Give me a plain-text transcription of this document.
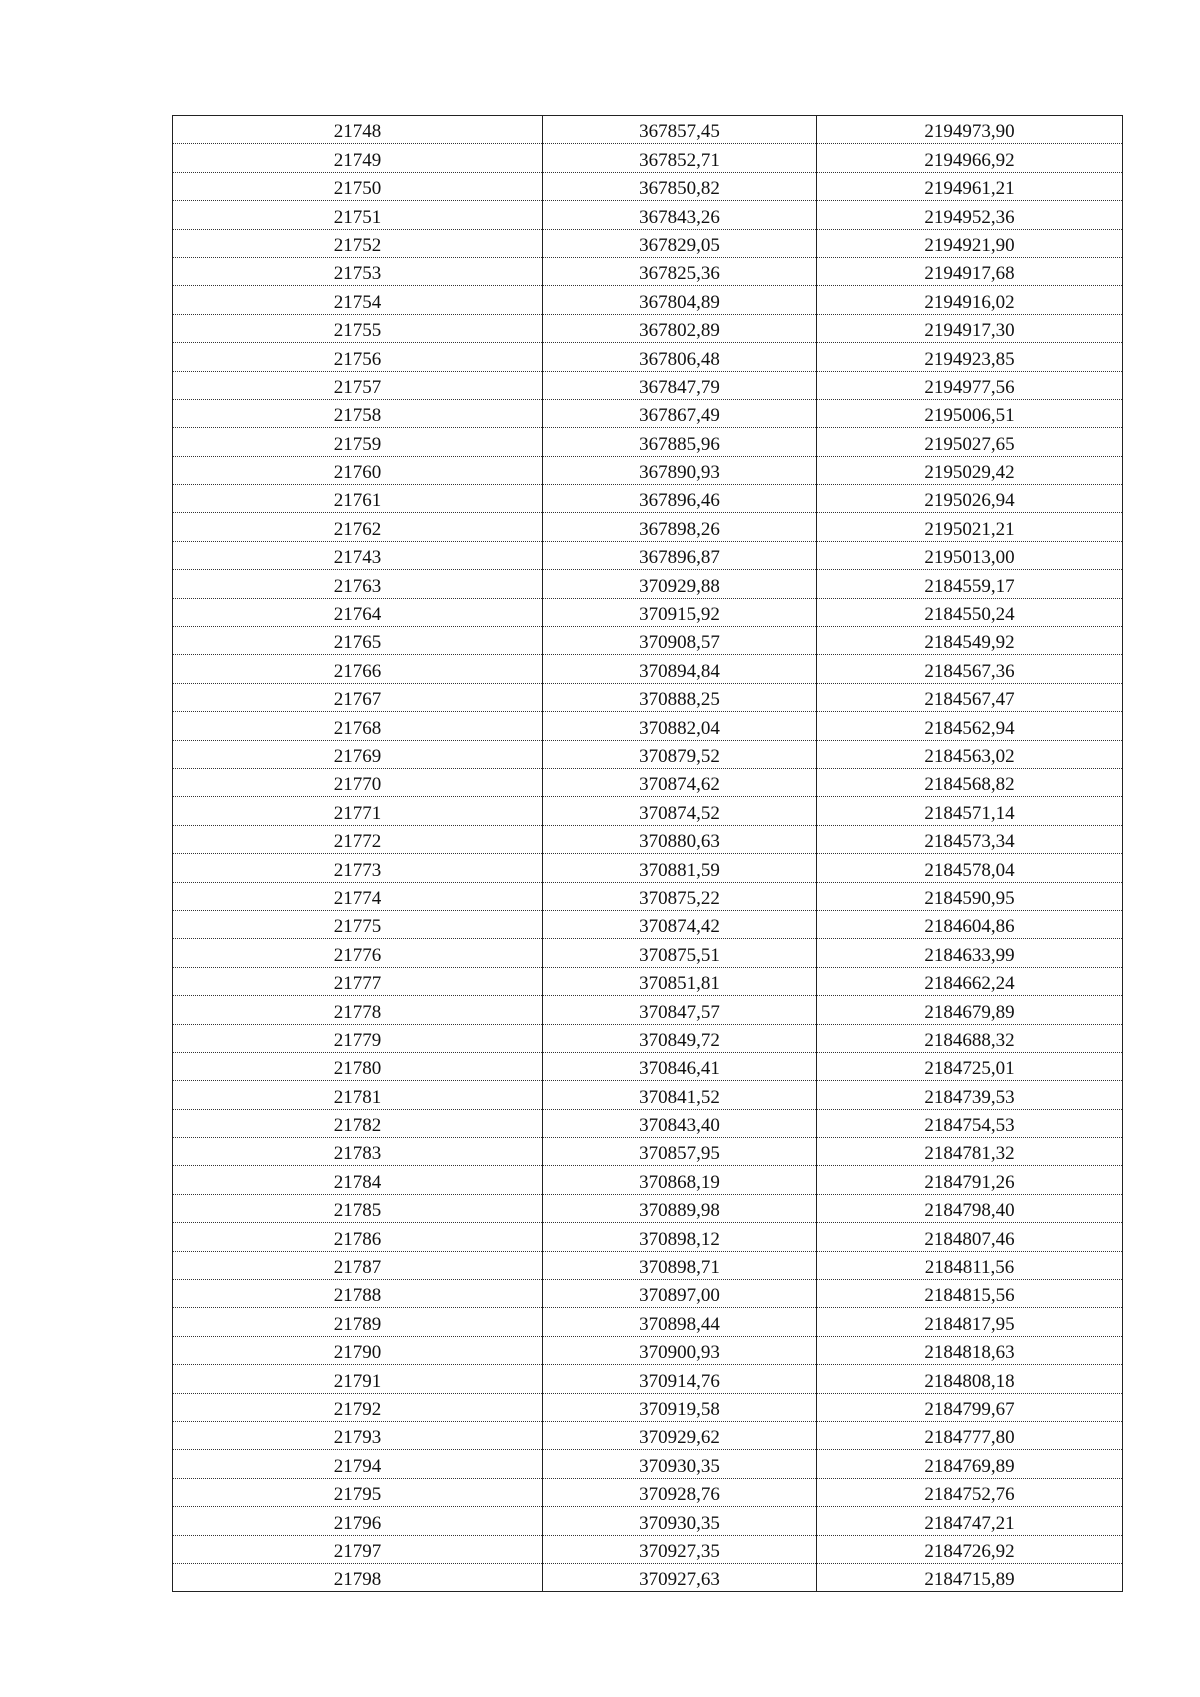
21748	367857,45	2194973,90
21749	367852,71	2194966,92
21750	367850,82	2194961,21
21751	367843,26	2194952,36
21752	367829,05	2194921,90
21753	367825,36	2194917,68
21754	367804,89	2194916,02
21755	367802,89	2194917,30
21756	367806,48	2194923,85
21757	367847,79	2194977,56
21758	367867,49	2195006,51
21759	367885,96	2195027,65
21760	367890,93	2195029,42
21761	367896,46	2195026,94
21762	367898,26	2195021,21
21743	367896,87	2195013,00
21763	370929,88	2184559,17
21764	370915,92	2184550,24
21765	370908,57	2184549,92
21766	370894,84	2184567,36
21767	370888,25	2184567,47
21768	370882,04	2184562,94
21769	370879,52	2184563,02
21770	370874,62	2184568,82
21771	370874,52	2184571,14
21772	370880,63	2184573,34
21773	370881,59	2184578,04
21774	370875,22	2184590,95
21775	370874,42	2184604,86
21776	370875,51	2184633,99
21777	370851,81	2184662,24
21778	370847,57	2184679,89
21779	370849,72	2184688,32
21780	370846,41	2184725,01
21781	370841,52	2184739,53
21782	370843,40	2184754,53
21783	370857,95	2184781,32
21784	370868,19	2184791,26
21785	370889,98	2184798,40
21786	370898,12	2184807,46
21787	370898,71	2184811,56
21788	370897,00	2184815,56
21789	370898,44	2184817,95
21790	370900,93	2184818,63
21791	370914,76	2184808,18
21792	370919,58	2184799,67
21793	370929,62	2184777,80
21794	370930,35	2184769,89
21795	370928,76	2184752,76
21796	370930,35	2184747,21
21797	370927,35	2184726,92
21798	370927,63	2184715,89
